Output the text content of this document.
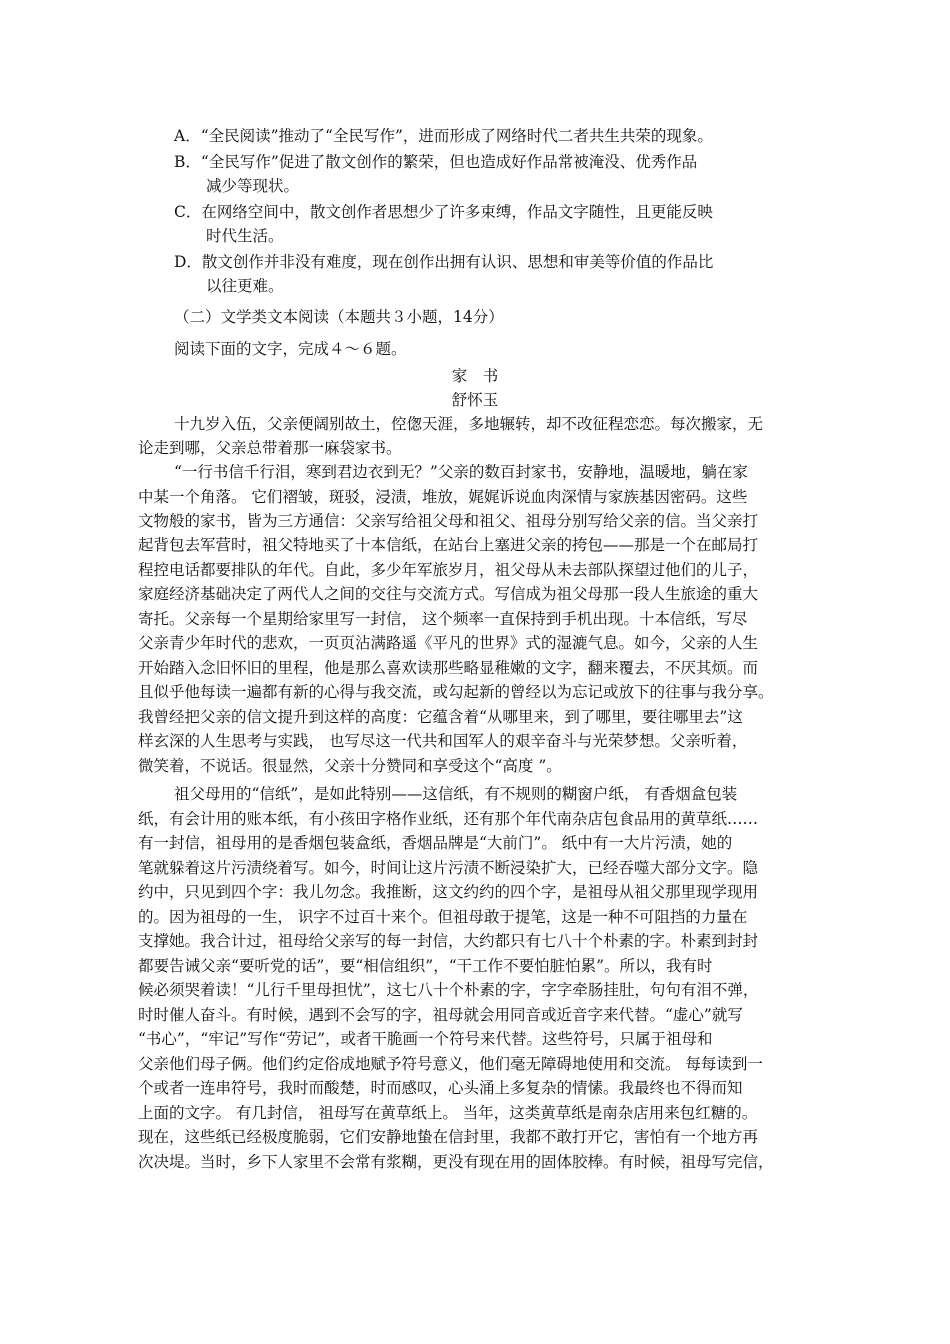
A．“全民阅读”推动了“全民写作”，进而形成了网络时代二者共生共荣的现象。
B．“全民写作”促进了散文创作的繁荣，但也造成好作品常被淹没、优秀作品
减少等现状。
C．在网络空间中，散文创作者思想少了许多束缚，作品文字随性，且更能反映
时代生活。
D．散文创作并非没有难度，现在创作出拥有认识、思想和审美等价值的作品比
以往更难。
（二）文学类文本阅读（本题共３小题，14分）
阅读下面的文字，完成４～６题。
家　书
舒怀玉
十九岁入伍，父亲便阔别故土，倥偬天涯，多地辗转，却不改征程恋恋。每次搬家，无
论走到哪，父亲总带着那一麻袋家书。
“一行书信千行泪，寒到君边衣到无？”父亲的数百封家书，安静地，温暖地，躺在家
中某一个角落。 它们褶皱，斑驳，浸渍，堆放，娓娓诉说血肉深情与家族基因密码。这些
文物般的家书，皆为三方通信：父亲写给祖父母和祖父、祖母分别写给父亲的信。当父亲打
起背包去军营时，祖父特地买了十本信纸，在站台上塞进父亲的挎包——那是一个在邮局打
程控电话都要排队的年代。自此，多少年军旅岁月，祖父母从未去部队探望过他们的儿子，
家庭经济基础决定了两代人之间的交往与交流方式。写信成为祖父母那一段人生旅途的重大
寄托。父亲每一个星期给家里写一封信， 这个频率一直保持到手机出现。十本信纸，写尽
父亲青少年时代的悲欢，一页页沾满路遥《平凡的世界》式的湿漉气息。如今，父亲的人生
开始踏入念旧怀旧的里程，他是那么喜欢读那些略显稚嫩的文字，翻来覆去，不厌其烦。而
且似乎他每读一遍都有新的心得与我交流，或勾起新的曾经以为忘记或放下的往事与我分享。
我曾经把父亲的信文提升到这样的高度：它蕴含着“从哪里来，到了哪里，要往哪里去”这
样玄深的人生思考与实践， 也写尽这一代共和国军人的艰辛奋斗与光荣梦想。父亲听着，
微笑着，不说话。很显然，父亲十分赞同和享受这个“高度 ”。
祖父母用的“信纸”，是如此特别——这信纸，有不规则的糊窗户纸， 有香烟盒包装
纸，有会计用的账本纸，有小孩田字格作业纸，还有那个年代南杂店包食品用的黄草纸……
有一封信，祖母用的是香烟包装盒纸，香烟品牌是“大前门”。 纸中有一大片污渍，她的
笔就躲着这片污渍绕着写。如今，时间让这片污渍不断浸染扩大，已经吞噬大部分文字。隐
约中，只见到四个字：我儿勿念。我推断，这文约约的四个字，是祖母从祖父那里现学现用
的。因为祖母的一生， 识字不过百十来个。但祖母敢于提笔，这是一种不可阻挡的力量在
支撑她。我合计过，祖母给父亲写的每一封信，大约都只有七八十个朴素的字。朴素到封封
都要告诫父亲“要听党的话”，要“相信组织”，“干工作不要怕脏怕累”。所以，我有时
候必须哭着读！“儿行千里母担忧”，这七八十个朴素的字，字字牵肠挂肚，句句有泪不弹，
时时催人奋斗。有时候，遇到不会写的字，祖母就会用同音或近音字来代替。“虚心”就写
“书心”，“牢记”写作“劳记”，或者干脆画一个符号来代替。这些符号，只属于祖母和
父亲他们母子俩。他们约定俗成地赋予符号意义，他们毫无障碍地使用和交流。 每每读到一
个或者一连串符号，我时而酸楚，时而感叹，心头涌上多复杂的情愫。我最终也不得而知
上面的文字。 有几封信， 祖母写在黄草纸上。 当年，这类黄草纸是南杂店用来包红糖的。
现在，这些纸已经极度脆弱，它们安静地蛰在信封里，我都不敢打开它，害怕有一个地方再
次决堤。当时，乡下人家里不会常有浆糊，更没有现在用的固体胶棒。有时候，祖母写完信，
